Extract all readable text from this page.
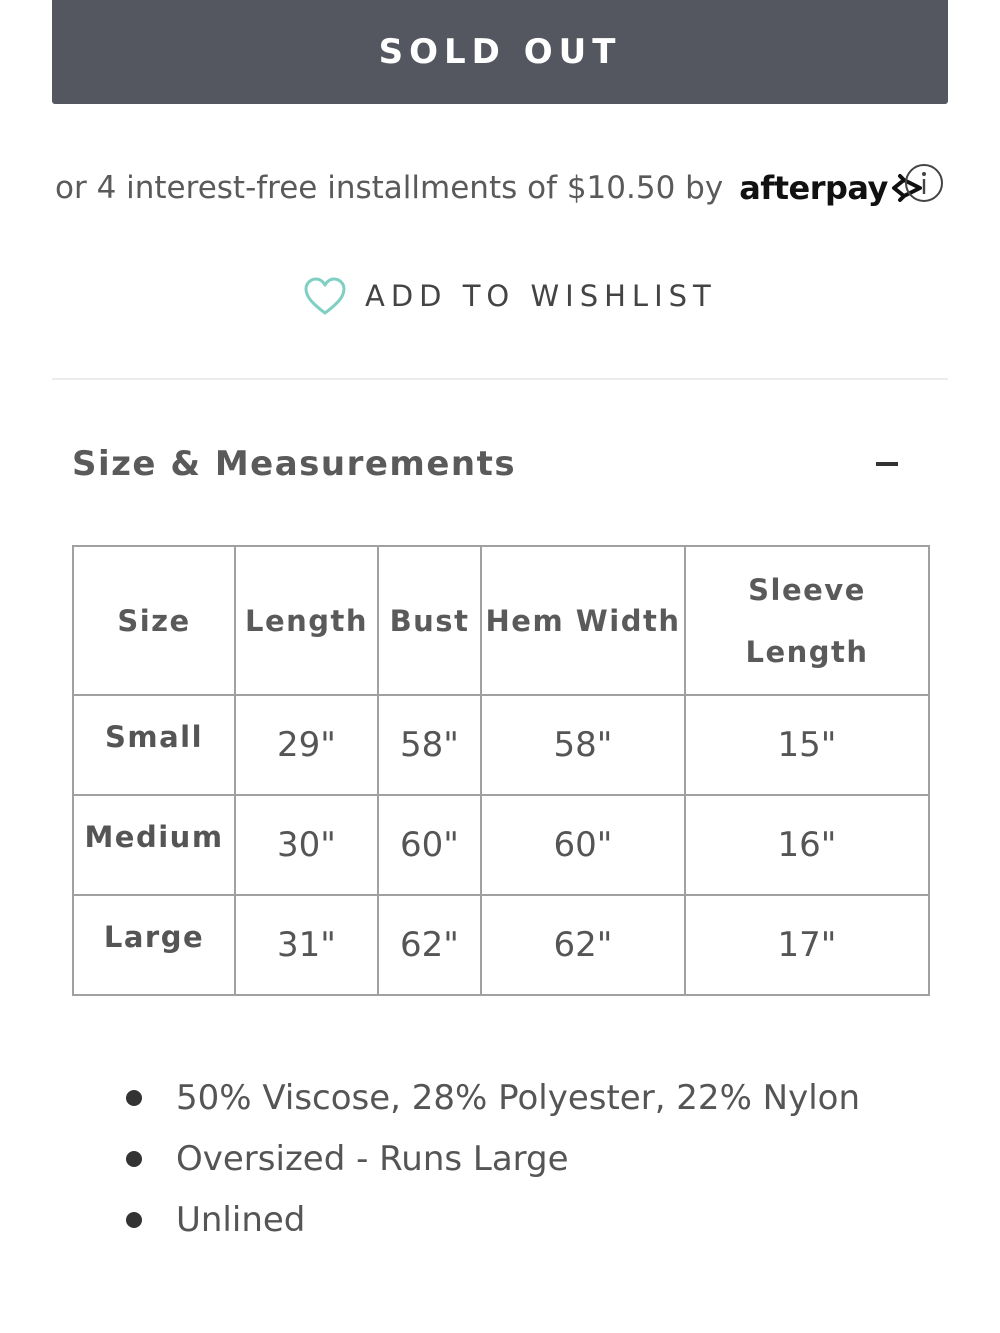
SOLD OUT
or 4 interest-free installments of $10.50 by afterpay
ADD TO WISHLIST
Size & Measurements
Size	Length	Bust	Hem Width	Sleeve Length
Small	29"	58"	58"	15"
Medium	30"	60"	60"	16"
Large	31"	62"	62"	17"
50% Viscose, 28% Polyester, 22% Nylon
Oversized - Runs Large
Unlined
